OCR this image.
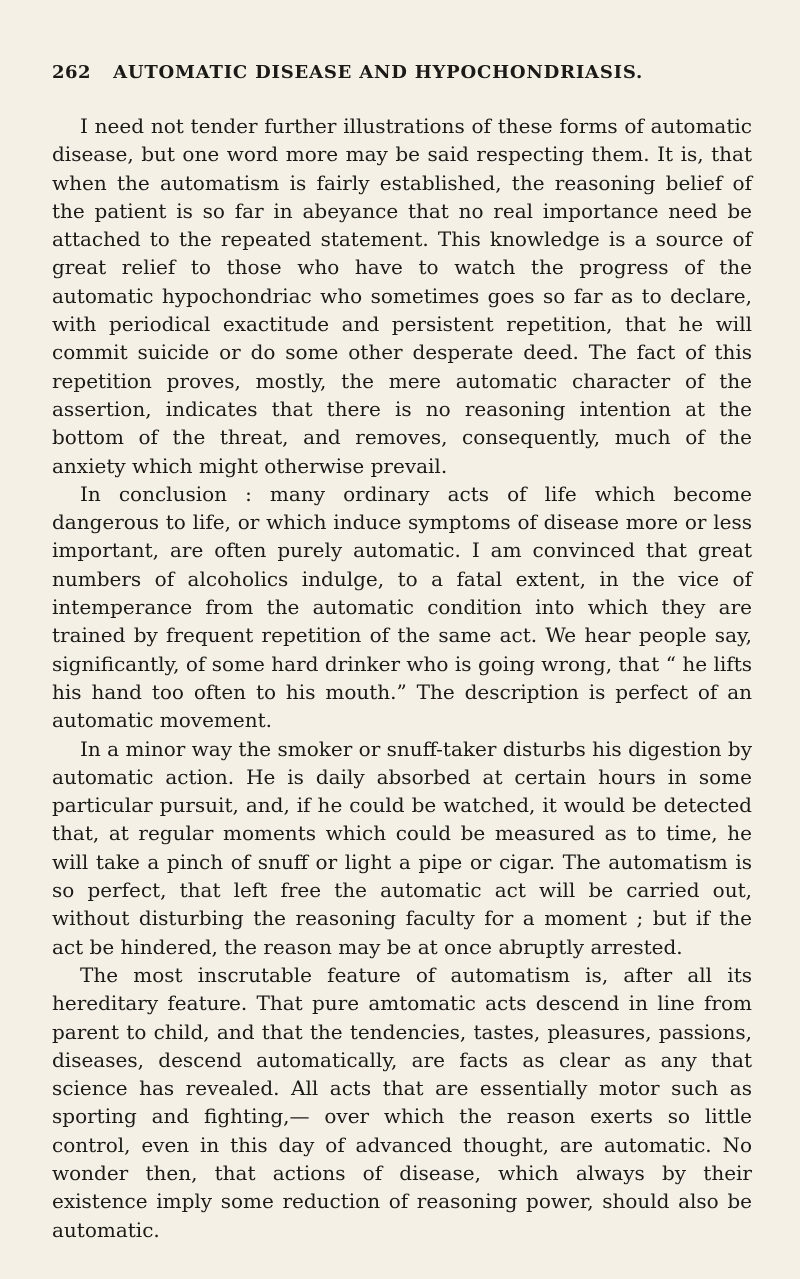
262 AUTOMATIC DISEASE AND HYPOCHONDRIASIS.

I need not tender further illustrations of these forms of automatic disease, but one word more may be said respecting them. It is, that when the automatism is fairly established, the reasoning belief of the patient is so far in abeyance that no real importance need be attached to the repeated statement. This knowledge is a source of great relief to those who have to watch the progress of the automatic hypochondriac who sometimes goes so far as to declare, with periodical exactitude and persistent repetition, that he will commit suicide or do some other desperate deed. The fact of this repetition proves, mostly, the mere automatic character of the assertion, indicates that there is no reasoning intention at the bottom of the threat, and removes, consequently, much of the anxiety which might otherwise prevail.

In conclusion : many ordinary acts of life which become dangerous to life, or which induce symptoms of disease more or less important, are often purely automatic. I am convinced that great numbers of alcoholics indulge, to a fatal extent, in the vice of intemperance from the automatic condition into which they are trained by frequent repetition of the same act. We hear people say, significantly, of some hard drinker who is going wrong, that “ he lifts his hand too often to his mouth.” The description is perfect of an automatic movement.

In a minor way the smoker or snuff-taker disturbs his digestion by automatic action. He is daily absorbed at certain hours in some particular pursuit, and, if he could be watched, it would be detected that, at regular moments which could be measured as to time, he will take a pinch of snuff or light a pipe or cigar. The automatism is so perfect, that left free the automatic act will be carried out, without disturbing the reasoning faculty for a moment ; but if the act be hindered, the reason may be at once abruptly arrested.

The most inscrutable feature of automatism is, after all its hereditary feature. That pure amtomatic acts descend in line from parent to child, and that the tendencies, tastes, pleasures, passions, diseases, descend automatically, are facts as clear as any that science has revealed. All acts that are essentially motor such as sporting and fighting,— over which the reason exerts so little control, even in this day of advanced thought, are automatic. No wonder then, that actions of disease, which always by their existence imply some reduction of reasoning power, should also be automatic.
